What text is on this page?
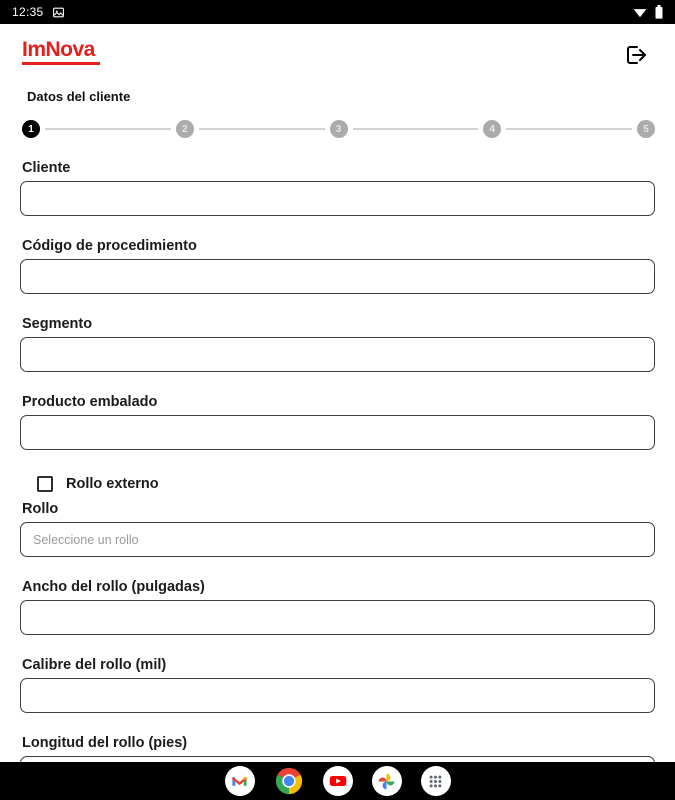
12:35
ImNova
Datos del cliente
1	2	3	4	5
Cliente
Código de procedimiento
Segmento
Producto embalado
Rollo externo
Rollo
Seleccione un rollo
Ancho del rollo (pulgadas)
Calibre del rollo (mil)
Longitud del rollo (pies)
